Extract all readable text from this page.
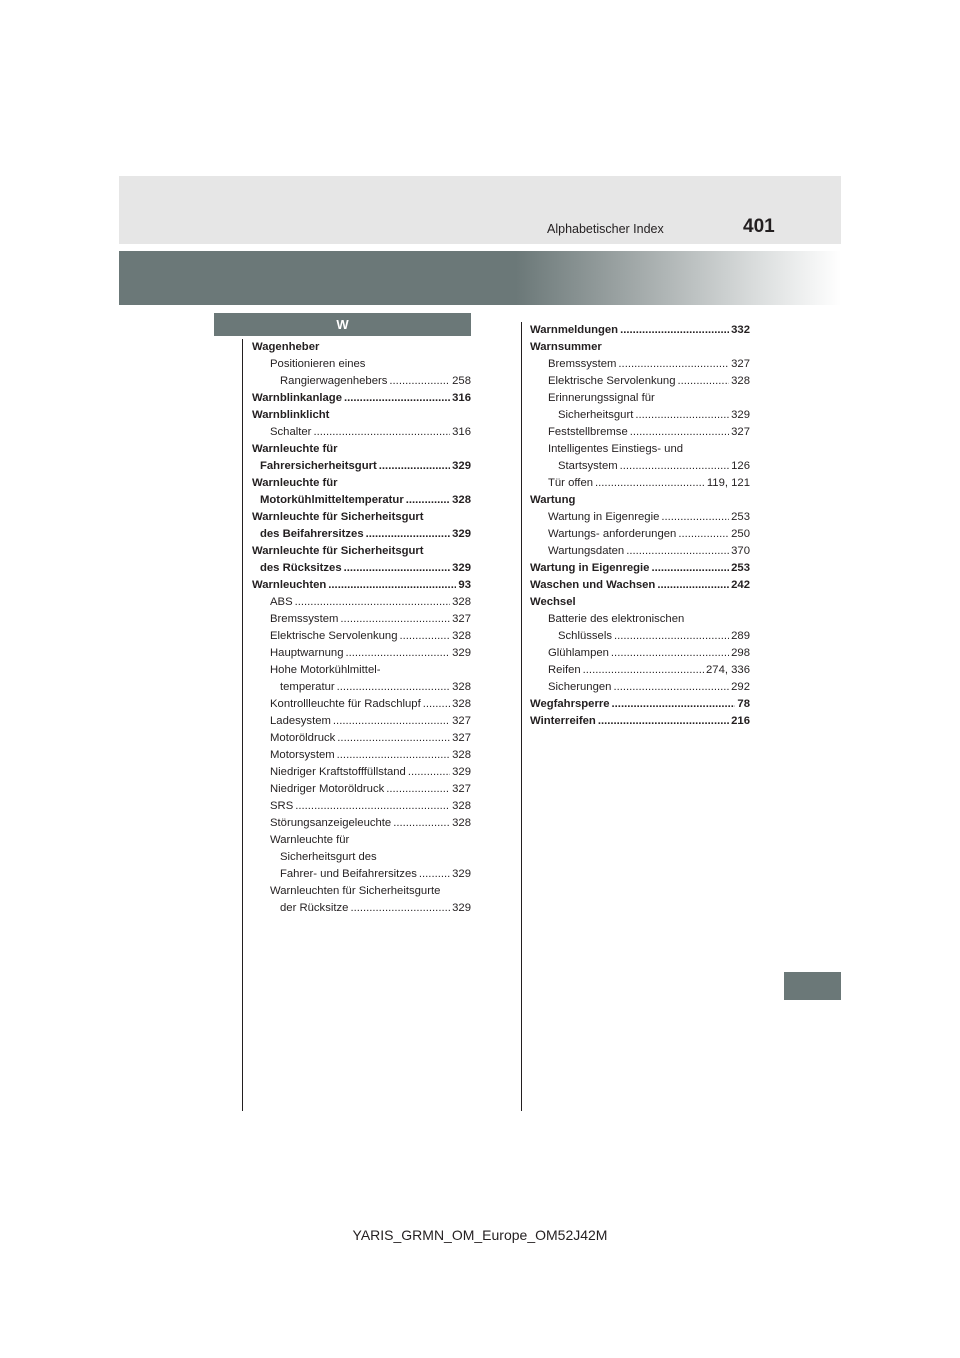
Alphabetischer Index	401
W
Wagenheber
Positionieren eines
Rangierwagenhebers .....	258
Warnblinkanlage .....	316
Warnblinklicht
Schalter .....	316
Warnleuchte für
Fahrersicherheitsgurt .....	329
Warnleuchte für
Motorkühlmitteltemperatur .....	328
Warnleuchte für Sicherheitsgurt
des Beifahrersitzes .....	329
Warnleuchte für Sicherheitsgurt
des Rücksitzes .....	329
Warnleuchten .....	93
ABS .....	328
Bremssystem .....	327
Elektrische Servolenkung .....	328
Hauptwarnung .....	329
Hohe Motorkühlmittel-
temperatur .....	328
Kontrollleuchte für Radschlupf .....	328
Ladesystem .....	327
Motoröldruck .....	327
Motorsystem .....	328
Niedriger Kraftstofffüllstand .....	329
Niedriger Motoröldruck .....	327
SRS .....	328
Störungsanzeigeleuchte .....	328
Warnleuchte für
Sicherheitsgurt des
Fahrer- und Beifahrersitzes .....	329
Warnleuchten für Sicherheitsgurte
der Rücksitze .....	329
Warnmeldungen .....	332
Warnsummer
Bremssystem .....	327
Elektrische Servolenkung .....	328
Erinnerungssignal für
Sicherheitsgurt .....	329
Feststellbremse .....	327
Intelligentes Einstiegs- und
Startsystem .....	126
Tür offen .....	119, 121
Wartung
Wartung in Eigenregie .....	253
Wartungs- anforderungen .....	250
Wartungsdaten .....	370
Wartung in Eigenregie .....	253
Waschen und Wachsen .....	242
Wechsel
Batterie des elektronischen
Schlüssels .....	289
Glühlampen .....	298
Reifen .....	274, 336
Sicherungen .....	292
Wegfahrsperre .....	78
Winterreifen .....	216
YARIS_GRMN_OM_Europe_OM52J42M
